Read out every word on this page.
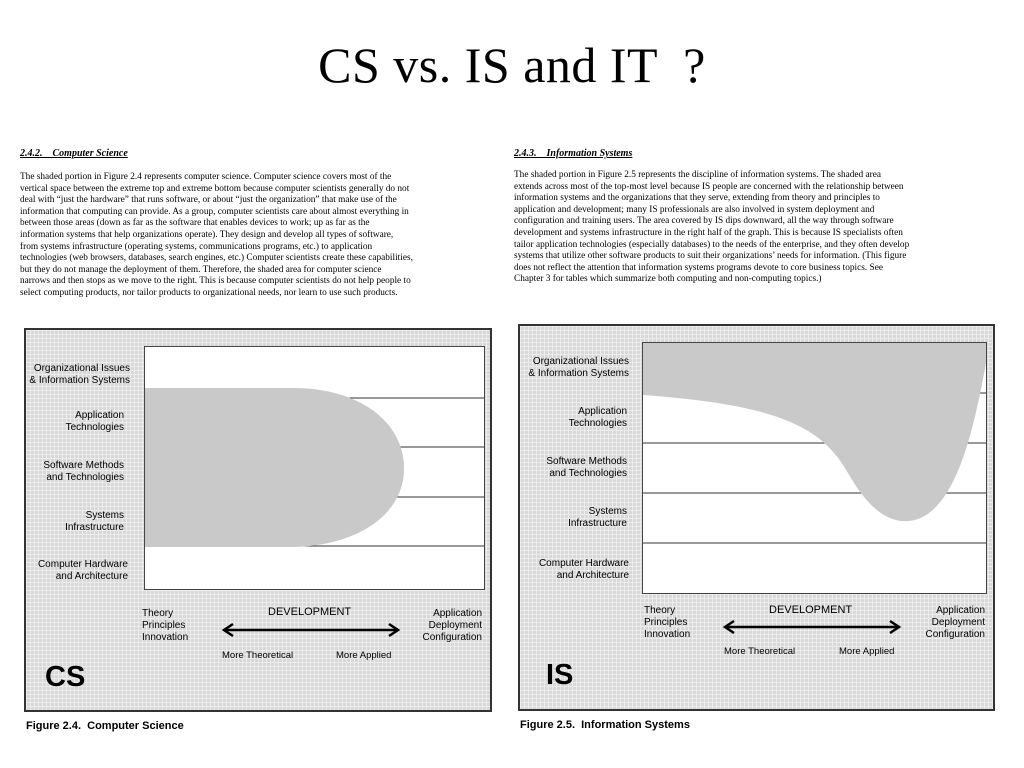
CS vs. IS and IT  ?
2.4.2.    Computer Science
The shaded portion in Figure 2.4 represents computer science. Computer science covers most of the
vertical space between the extreme top and extreme bottom because computer scientists generally do not
deal with “just the hardware” that runs software, or about “just the organization” that make use of the
information that computing can provide. As a group, computer scientists care about almost everything in
between those areas (down as far as the software that enables devices to work; up as far as the
information systems that help organizations operate). They design and develop all types of software,
from systems infrastructure (operating systems, communications programs, etc.) to application
technologies (web browsers, databases, search engines, etc.) Computer scientists create these capabilities,
but they do not manage the deployment of them. Therefore, the shaded area for computer science
narrows and then stops as we move to the right. This is because computer scientists do not help people to
select computing products, nor tailor products to organizational needs, nor learn to use such products.
Organizational Issues
& Information Systems
Application
Technologies
Software Methods
and Technologies
Systems
Infrastructure
Computer Hardware
and Architecture
Theory
Principles
Innovation
Application
Deployment
Configuration
DEVELOPMENT
More Theoretical	More Applied
CS
Figure 2.4.  Computer Science
2.4.3.    Information Systems
The shaded portion in Figure 2.5 represents the discipline of information systems. The shaded area
extends across most of the top-most level because IS people are concerned with the relationship between
information systems and the organizations that they serve, extending from theory and principles to
application and development; many IS professionals are also involved in system deployment and
configuration and training users. The area covered by IS dips downward, all the way through software
development and systems infrastructure in the right half of the graph. This is because IS specialists often
tailor application technologies (especially databases) to the needs of the enterprise, and they often develop
systems that utilize other software products to suit their organizations’ needs for information. (This figure
does not reflect the attention that information systems programs devote to core business topics. See
Chapter 3 for tables which summarize both computing and non-computing topics.)
Organizational Issues
& Information Systems
Application
Technologies
Software Methods
and Technologies
Systems
Infrastructure
Computer Hardware
and Architecture
Theory
Principles
Innovation
Application
Deployment
Configuration
DEVELOPMENT
More Theoretical	More Applied
IS
Figure 2.5.  Information Systems
